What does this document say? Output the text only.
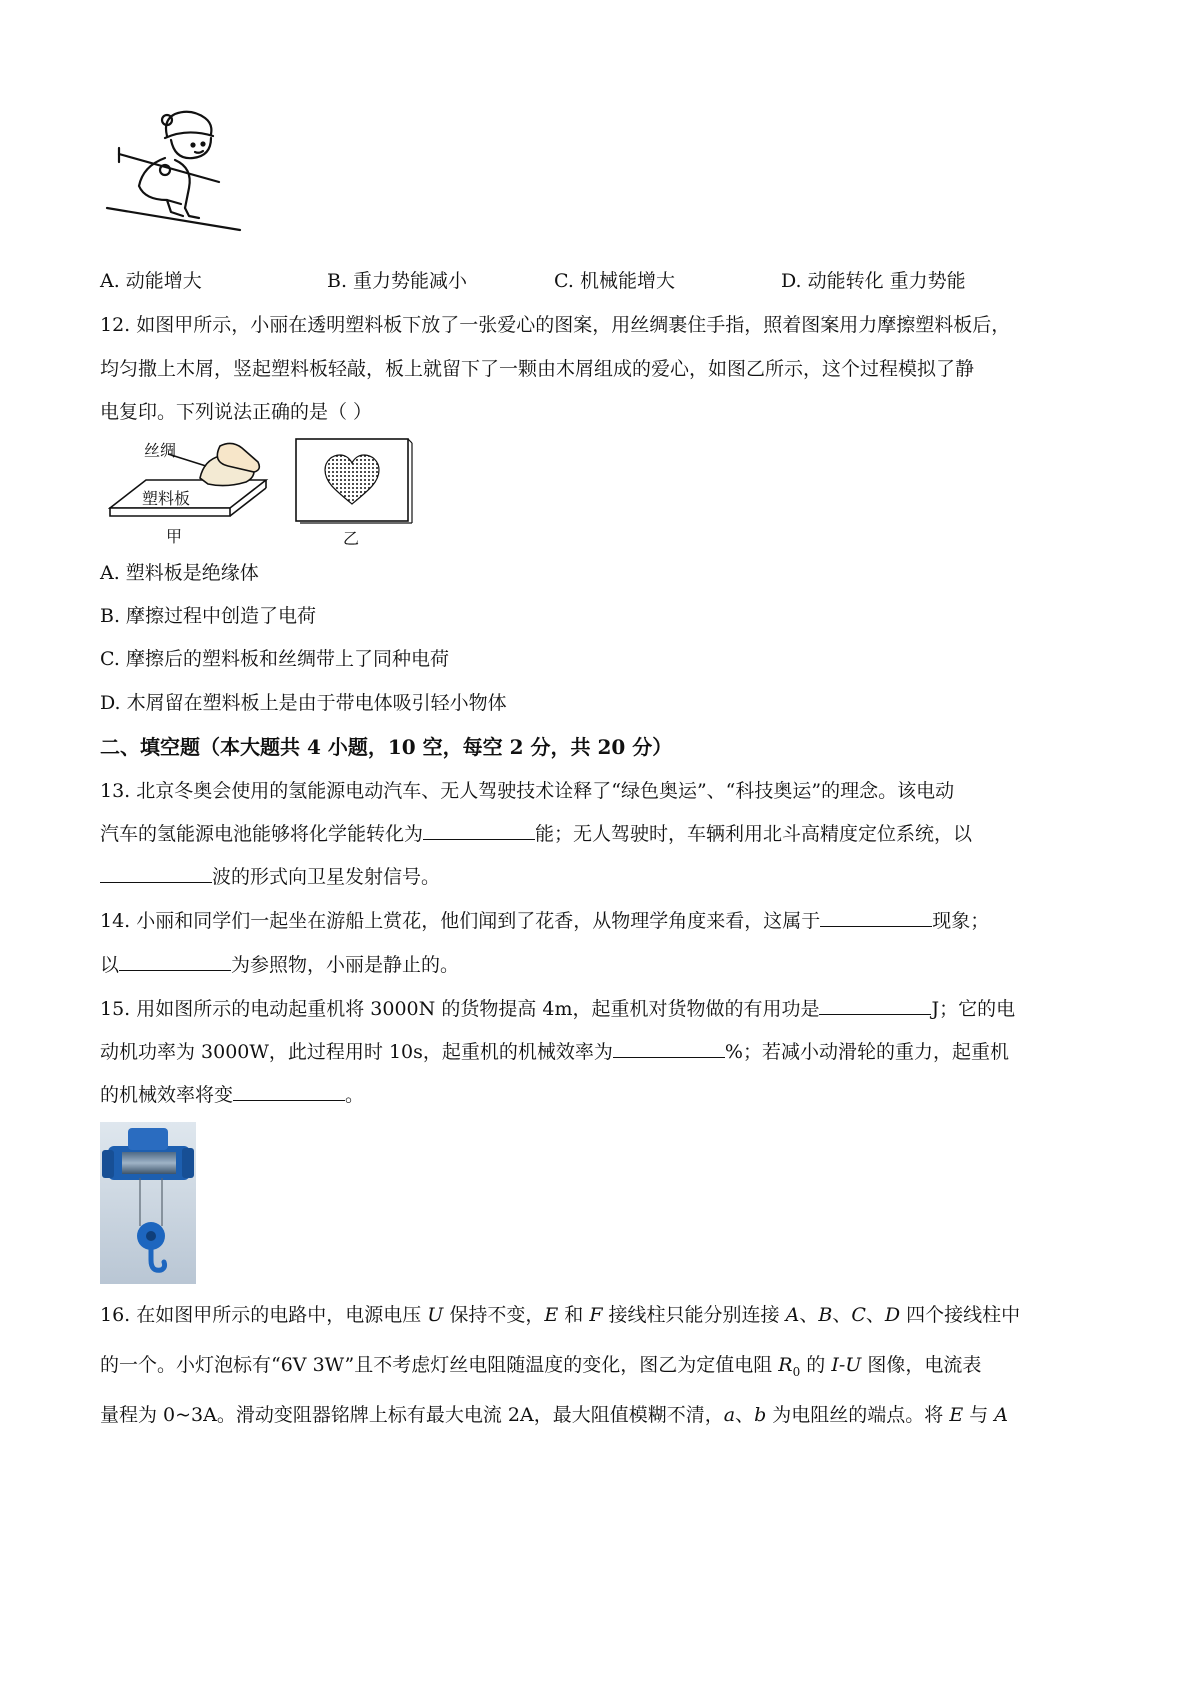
A. 动能增大	B. 重力势能减小	C. 机械能增大	D. 动能转化 重力势能
12. 如图甲所示，小丽在透明塑料板下放了一张爱心的图案，用丝绸裹住手指，照着图案用力摩擦塑料板后，
均匀撒上木屑，竖起塑料板轻敲，板上就留下了一颗由木屑组成的爱心，如图乙所示，这个过程模拟了静
电复印。下列说法正确的是（ ）
丝绸
塑料板
甲	乙
A. 塑料板是绝缘体
B. 摩擦过程中创造了电荷
C. 摩擦后的塑料板和丝绸带上了同种电荷
D. 木屑留在塑料板上是由于带电体吸引轻小物体
二、填空题（本大题共 4 小题，10 空，每空 2 分，共 20 分）
13. 北京冬奥会使用的氢能源电动汽车、无人驾驶技术诠释了“绿色奥运”、“科技奥运”的理念。该电动
汽车的氢能源电池能够将化学能转化为	能；无人驾驶时，车辆利用北斗高精度定位系统，以
波的形式向卫星发射信号。
14. 小丽和同学们一起坐在游船上赏花，他们闻到了花香，从物理学角度来看，这属于	现象；
以	为参照物，小丽是静止的。
15. 用如图所示的电动起重机将 3000N 的货物提高 4m，起重机对货物做的有用功是	J；它的电
动机功率为 3000W，此过程用时 10s，起重机的机械效率为	%；若减小动滑轮的重力，起重机
的机械效率将变	。
16. 在如图甲所示的电路中，电源电压 U 保持不变，E 和 F 接线柱只能分别连接 A、B、C、D 四个接线柱中
的一个。小灯泡标有“6V 3W”且不考虑灯丝电阻随温度的变化，图乙为定值电阻 $R_0$ 的 I-U 图像，电流表
量程为 0~3A。滑动变阻器铭牌上标有最大电流 2A，最大阻值模糊不清，a、b 为电阻丝的端点。将 E 与 A
